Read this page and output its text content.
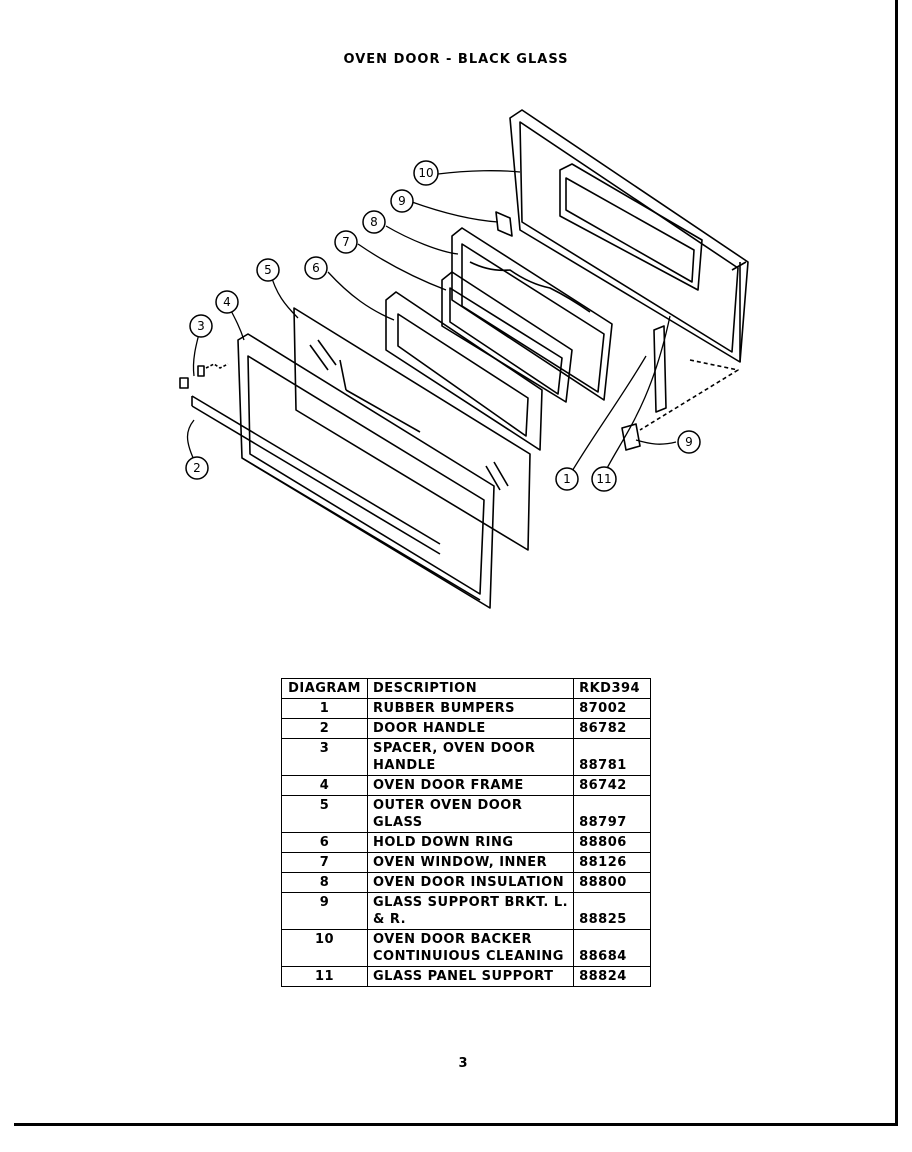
OVEN DOOR - BLACK GLASS
10
9
8
7
6
5
4
3
2
1 11
9
DIAGRAM	DESCRIPTION	RKD394
1	RUBBER BUMPERS	87002
2	DOOR HANDLE	86782
3	SPACER, OVEN DOOR HANDLE	88781
4	OVEN DOOR FRAME	86742
5	OUTER OVEN DOOR GLASS	88797
6	HOLD DOWN RING	88806
7	OVEN WINDOW, INNER	88126
8	OVEN DOOR INSULATION	88800
9	GLASS SUPPORT BRKT. L. & R.	88825
10	OVEN DOOR BACKER CONTINUIOUS CLEANING	88684
11	GLASS PANEL SUPPORT	88824
3
